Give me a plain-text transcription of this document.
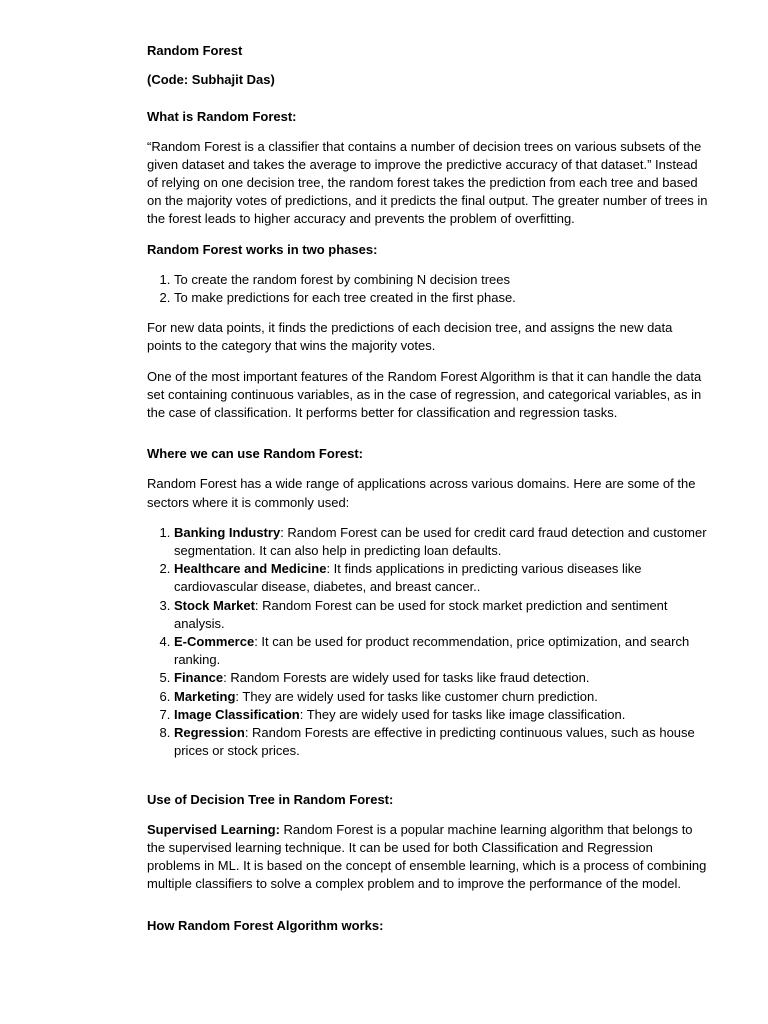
Random Forest

(Code: Subhajit Das)

What is Random Forest:

“Random Forest is a classifier that contains a number of decision trees on various subsets of the given dataset and takes the average to improve the predictive accuracy of that dataset.” Instead of relying on one decision tree, the random forest takes the prediction from each tree and based on the majority votes of predictions, and it predicts the final output. The greater number of trees in the forest leads to higher accuracy and prevents the problem of overfitting.

Random Forest works in two phases:

1. To create the random forest by combining N decision trees
2. To make predictions for each tree created in the first phase.

For new data points, it finds the predictions of each decision tree, and assigns the new data points to the category that wins the majority votes.

One of the most important features of the Random Forest Algorithm is that it can handle the data set containing continuous variables, as in the case of regression, and categorical variables, as in the case of classification. It performs better for classification and regression tasks.

Where we can use Random Forest:

Random Forest has a wide range of applications across various domains. Here are some of the sectors where it is commonly used:

1. Banking Industry: Random Forest can be used for credit card fraud detection and customer segmentation. It can also help in predicting loan defaults.
2. Healthcare and Medicine: It finds applications in predicting various diseases like cardiovascular disease, diabetes, and breast cancer..
3. Stock Market: Random Forest can be used for stock market prediction and sentiment analysis.
4. E-Commerce: It can be used for product recommendation, price optimization, and search ranking.
5. Finance: Random Forests are widely used for tasks like fraud detection.
6. Marketing: They are widely used for tasks like customer churn prediction.
7. Image Classification: They are widely used for tasks like image classification.
8. Regression: Random Forests are effective in predicting continuous values, such as house prices or stock prices.

Use of Decision Tree in Random Forest:

Supervised Learning: Random Forest is a popular machine learning algorithm that belongs to the supervised learning technique. It can be used for both Classification and Regression problems in ML. It is based on the concept of ensemble learning, which is a process of combining multiple classifiers to solve a complex problem and to improve the performance of the model.

How Random Forest Algorithm works:
